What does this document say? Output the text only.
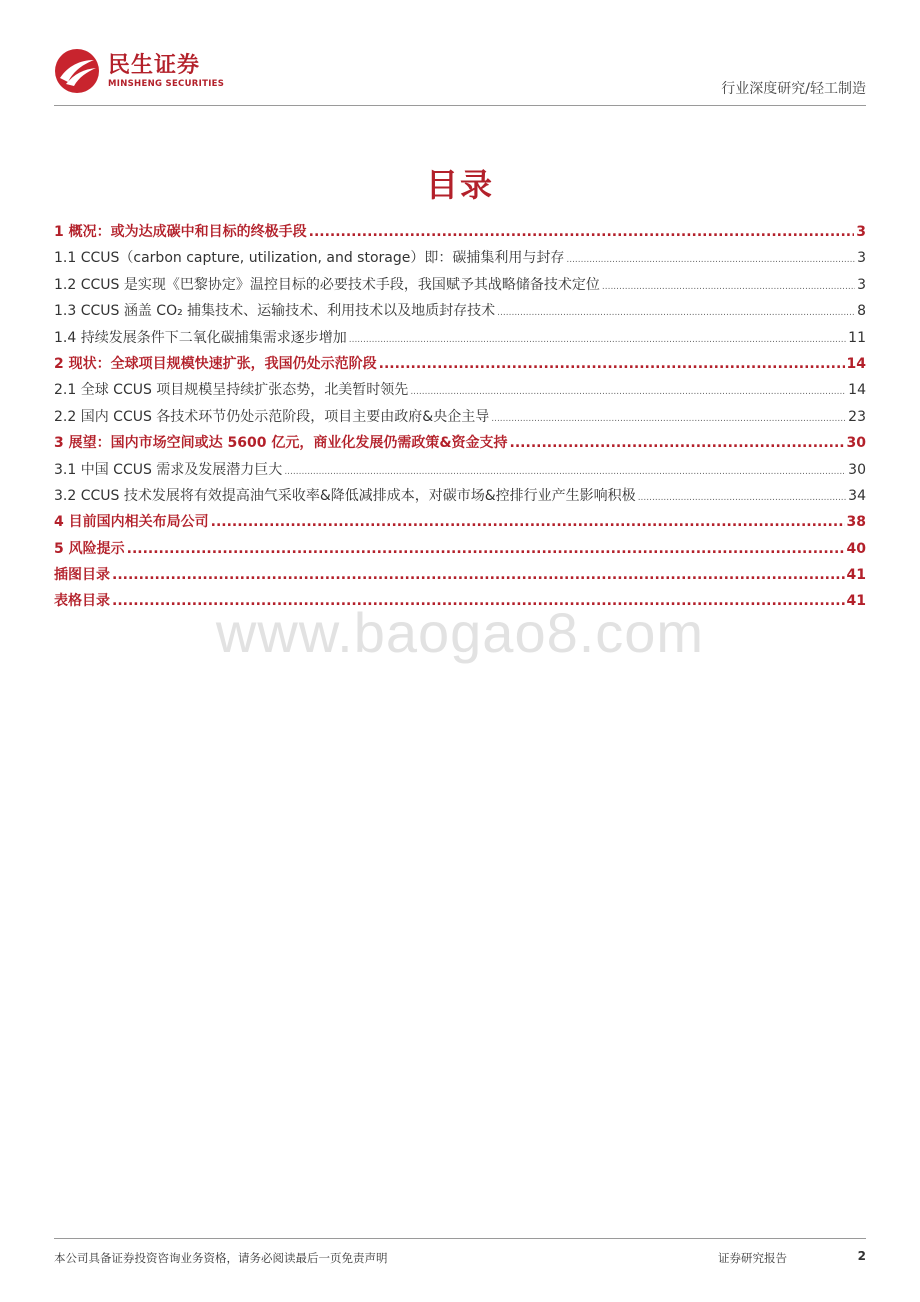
民生证券
MINSHENG SECURITIES	行业深度研究/轻工制造
目录
1 概况：或为达成碳中和目标的终极手段 .....	3
1.1 CCUS（carbon capture, utilization, and storage）即：碳捕集利用与封存 .....	3
1.2 CCUS 是实现《巴黎协定》温控目标的必要技术手段，我国赋予其战略储备技术定位 .....	3
1.3 CCUS 涵盖 CO₂ 捕集技术、运输技术、利用技术以及地质封存技术 .....	8
1.4 持续发展条件下二氧化碳捕集需求逐步增加 .....	11
2 现状：全球项目规模快速扩张，我国仍处示范阶段 .....	14
2.1 全球 CCUS 项目规模呈持续扩张态势，北美暂时领先 .....	14
2.2 国内 CCUS 各技术环节仍处示范阶段，项目主要由政府&央企主导 .....	23
3 展望：国内市场空间或达 5600 亿元，商业化发展仍需政策&资金支持 .....	30
3.1 中国 CCUS 需求及发展潜力巨大 .....	30
3.2 CCUS 技术发展将有效提高油气采收率&降低减排成本，对碳市场&控排行业产生影响积极 .....	34
4 目前国内相关布局公司 .....	38
5 风险提示 .....	40
插图目录 .....	41
表格目录 .....	41
www.baogao8.com
本公司具备证券投资咨询业务资格，请务必阅读最后一页免责声明	证券研究报告	2
